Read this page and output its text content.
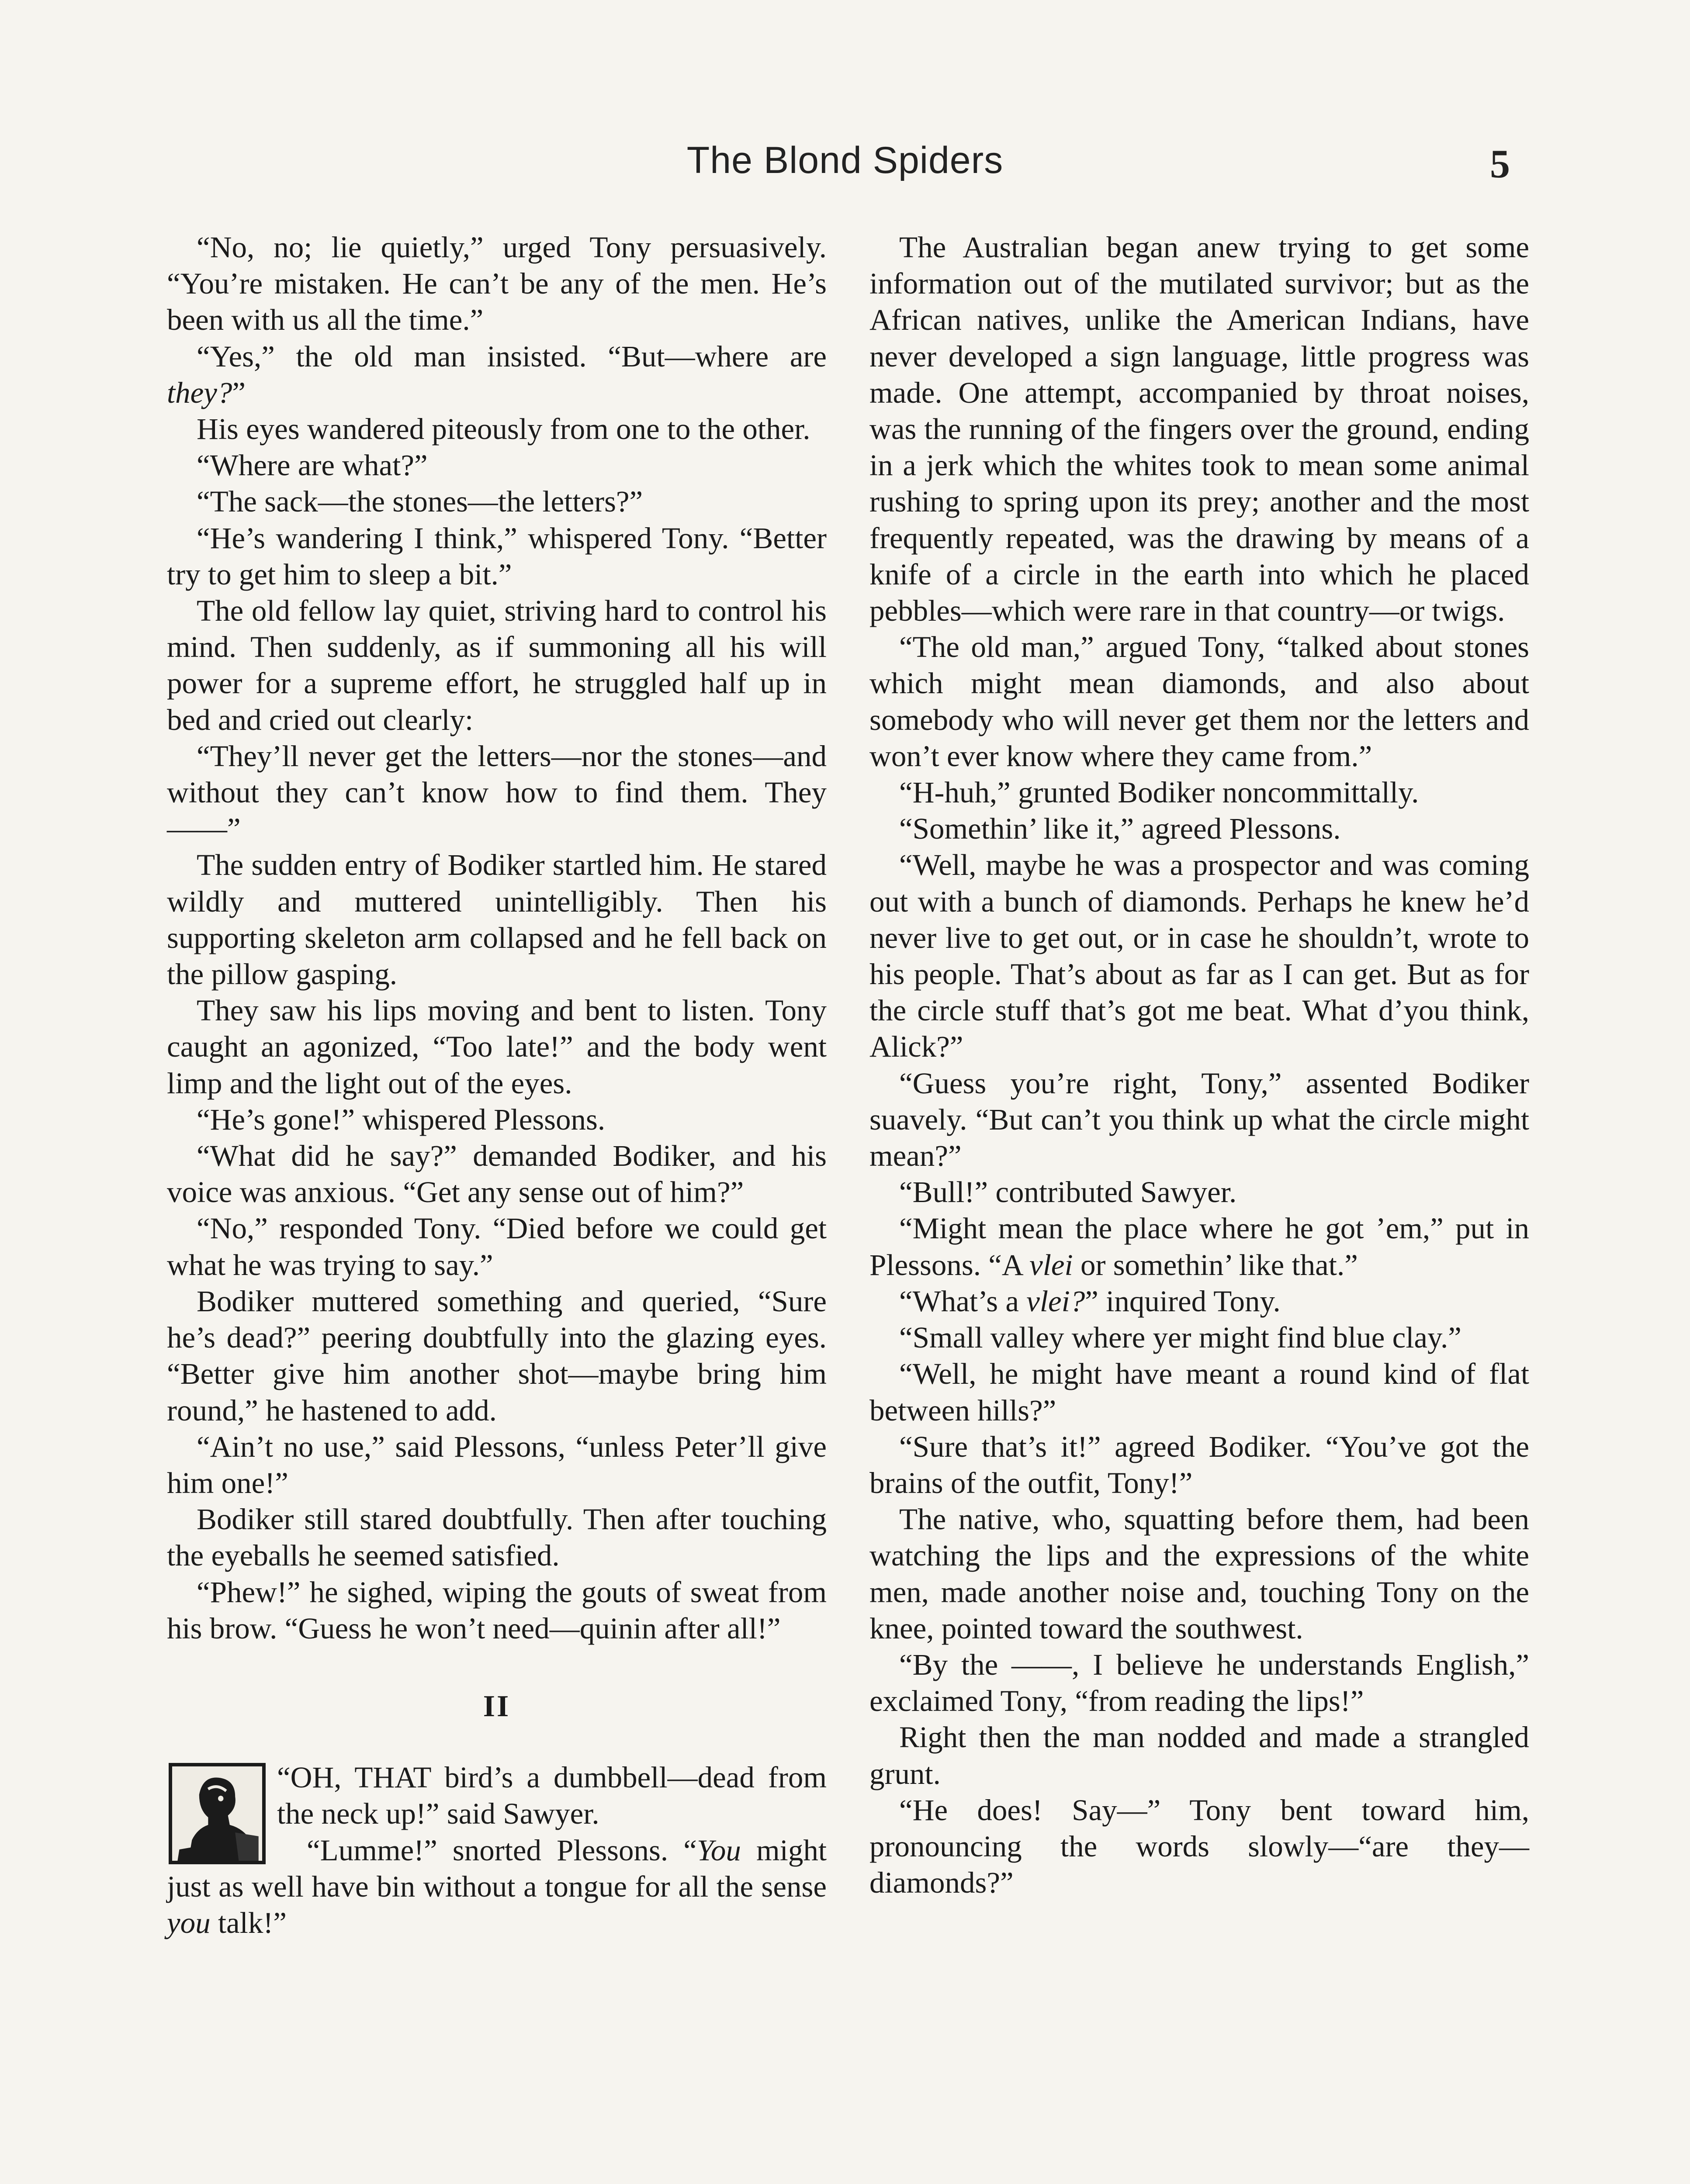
The Blond Spiders	5

“No, no; lie quietly,” urged Tony persuasively. “You’re mistaken. He can’t be any of the men. He’s been with us all the time.”

“Yes,” the old man insisted. “But—where are they?”

His eyes wandered piteously from one to the other.

“Where are what?”

“The sack—the stones—the letters?”

“He’s wandering I think,” whispered Tony. “Better try to get him to sleep a bit.”

The old fellow lay quiet, striving hard to control his mind. Then suddenly, as if summoning all his will power for a supreme effort, he struggled half up in bed and cried out clearly:

“They’ll never get the letters—nor the stones—and without they can’t know how to find them. They ——”

The sudden entry of Bodiker startled him. He stared wildly and muttered unintelligibly. Then his supporting skeleton arm collapsed and he fell back on the pillow gasping.

They saw his lips moving and bent to listen. Tony caught an agonized, “Too late!” and the body went limp and the light out of the eyes.

“He’s gone!” whispered Plessons.

“What did he say?” demanded Bodiker, and his voice was anxious. “Get any sense out of him?”

“No,” responded Tony. “Died before we could get what he was trying to say.”

Bodiker muttered something and queried, “Sure he’s dead?” peering doubtfully into the glazing eyes. “Better give him another shot—maybe bring him round,” he hastened to add.

“Ain’t no use,” said Plessons, “unless Peter’ll give him one!”

Bodiker still stared doubtfully. Then after touching the eyeballs he seemed satisfied.

“Phew!” he sighed, wiping the gouts of sweat from his brow. “Guess he won’t need—quinin after all!”

II

“OH, THAT bird’s a dumbbell—dead from the neck up!” said Sawyer.

“Lumme!” snorted Plessons. “You might just as well have bin without a tongue for all the sense you talk!”

The Australian began anew trying to get some information out of the mutilated survivor; but as the African natives, unlike the American Indians, have never developed a sign language, little progress was made. One attempt, accompanied by throat noises, was the running of the fingers over the ground, ending in a jerk which the whites took to mean some animal rushing to spring upon its prey; another and the most frequently repeated, was the drawing by means of a knife of a circle in the earth into which he placed pebbles—which were rare in that country—or twigs.

“The old man,” argued Tony, “talked about stones which might mean diamonds, and also about somebody who will never get them nor the letters and won’t ever know where they came from.”

“H-huh,” grunted Bodiker noncommittally.

“Somethin’ like it,” agreed Plessons.

“Well, maybe he was a prospector and was coming out with a bunch of diamonds. Perhaps he knew he’d never live to get out, or in case he shouldn’t, wrote to his people. That’s about as far as I can get. But as for the circle stuff that’s got me beat. What d’you think, Alick?”

“Guess you’re right, Tony,” assented Bodiker suavely. “But can’t you think up what the circle might mean?”

“Bull!” contributed Sawyer.

“Might mean the place where he got ’em,” put in Plessons. “A vlei or somethin’ like that.”

“What’s a vlei?” inquired Tony.

“Small valley where yer might find blue clay.”

“Well, he might have meant a round kind of flat between hills?”

“Sure that’s it!” agreed Bodiker. “You’ve got the brains of the outfit, Tony!”

The native, who, squatting before them, had been watching the lips and the expressions of the white men, made another noise and, touching Tony on the knee, pointed toward the southwest.

“By the ——, I believe he understands English,” exclaimed Tony, “from reading the lips!”

Right then the man nodded and made a strangled grunt.

“He does! Say—” Tony bent toward him, pronouncing the words slowly—“are they—diamonds?”
